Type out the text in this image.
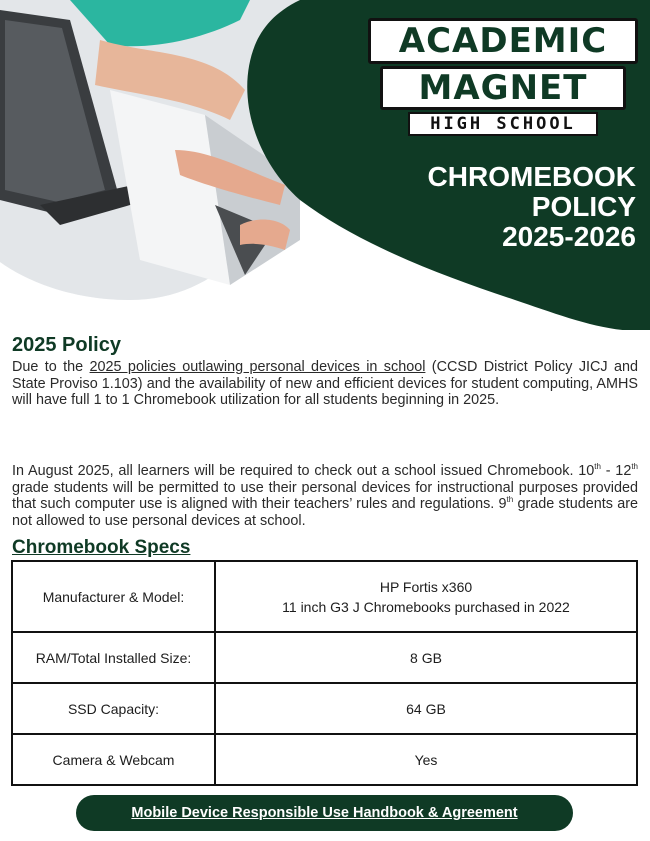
ACADEMIC
MAGNET
HIGH SCHOOL
CHROMEBOOK
POLICY
2025-2026
2025 Policy

Due to the 2025 policies outlawing personal devices in school (CCSD District Policy JICJ and State Proviso 1.103) and the availability of new and efficient devices for student computing, AMHS will have full 1 to 1 Chromebook utilization for all students beginning in 2025.

In August 2025, all learners will be required to check out a school issued Chromebook. 10th - 12th grade students will be permitted to use their personal devices for instructional purposes provided that such computer use is aligned with their teachers’ rules and regulations. 9th grade students are not allowed to use personal devices at school.

Chromebook Specs
Manufacturer & Model:	HP Fortis x360
11 inch G3 J Chromebooks purchased in 2022

RAM/Total Installed Size:	8 GB
SSD Capacity:	64 GB
Camera & Webcam	Yes
Mobile Device Responsible Use Handbook & Agreement
